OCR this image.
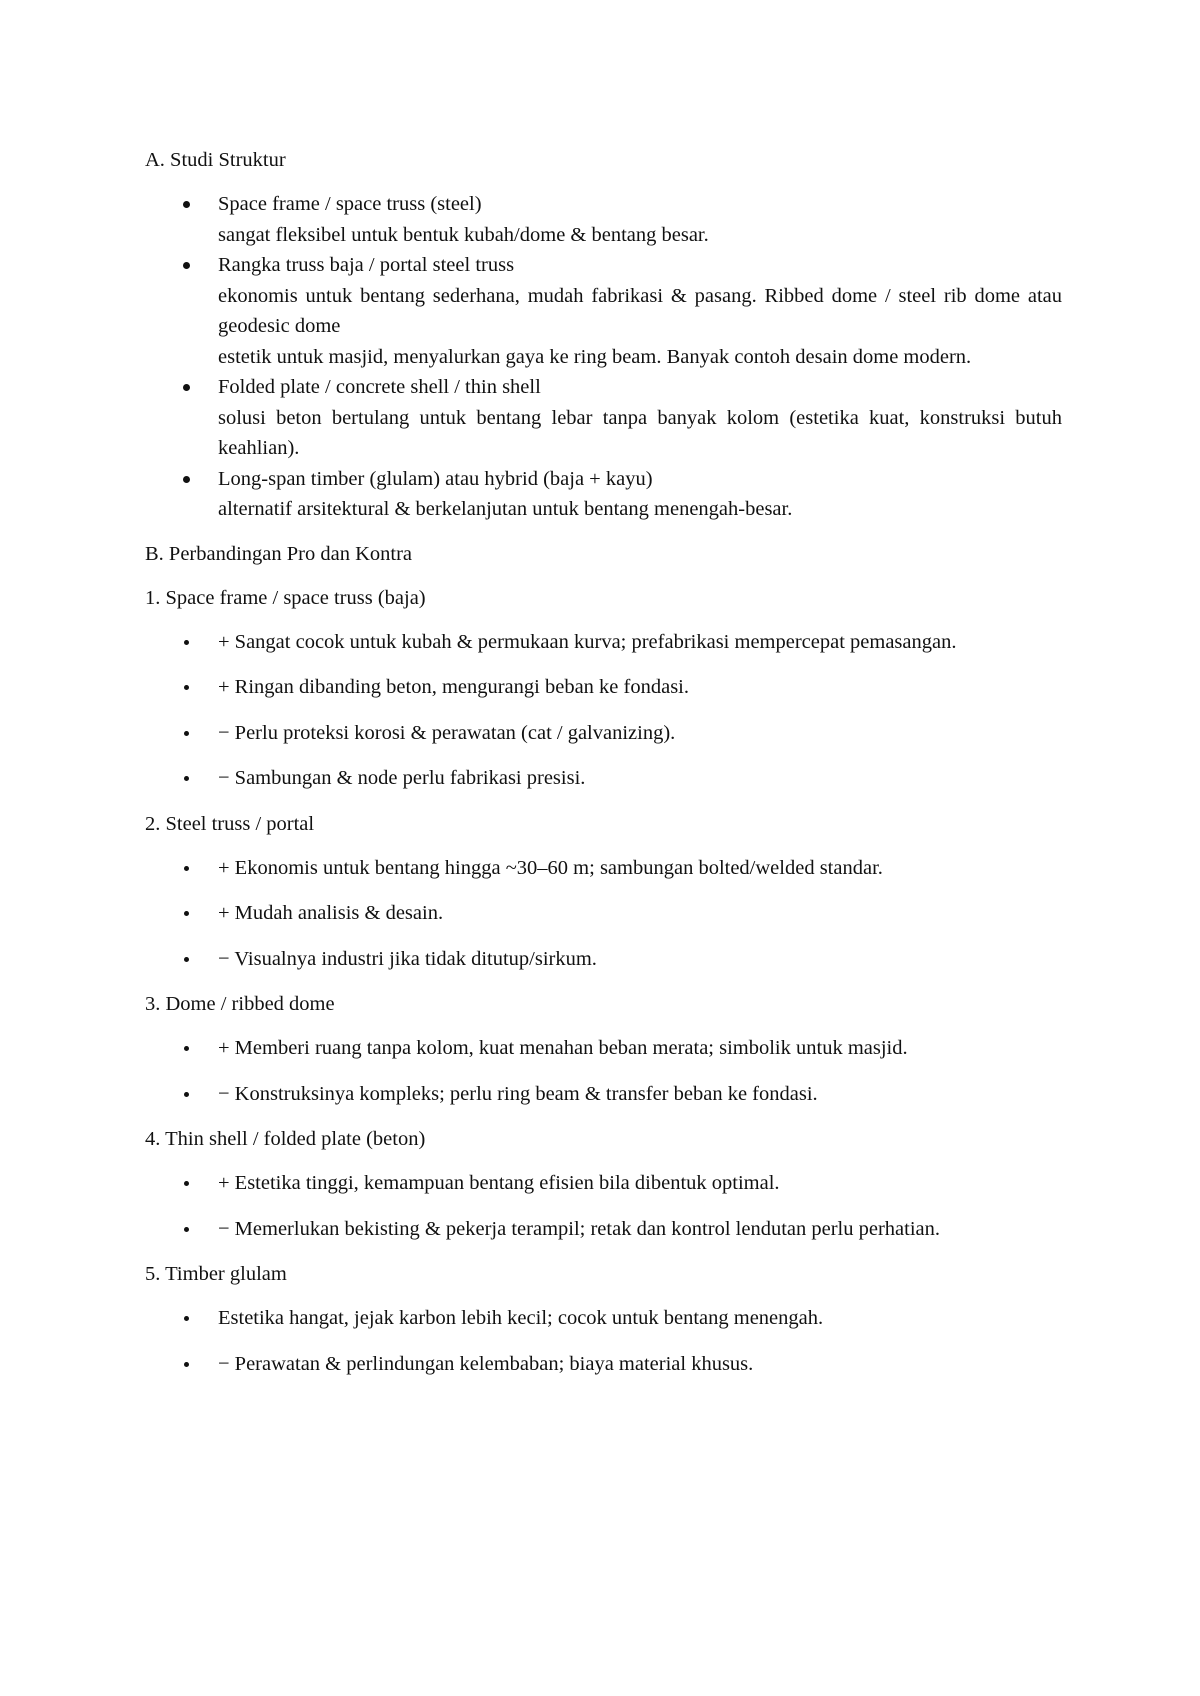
A. Studi Struktur

Space frame / space truss (steel)
sangat fleksibel untuk bentuk kubah/dome & bentang besar.
Rangka truss baja / portal steel truss
ekonomis untuk bentang sederhana, mudah fabrikasi & pasang. Ribbed dome / steel rib dome atau geodesic dome
estetik untuk masjid, menyalurkan gaya ke ring beam. Banyak contoh desain dome modern.
Folded plate / concrete shell / thin shell
solusi beton bertulang untuk bentang lebar tanpa banyak kolom (estetika kuat, konstruksi butuh keahlian).
Long-span timber (glulam) atau hybrid (baja + kayu)
alternatif arsitektural & berkelanjutan untuk bentang menengah-besar.

B. Perbandingan Pro dan Kontra

1. Space frame / space truss (baja)

+ Sangat cocok untuk kubah & permukaan kurva; prefabrikasi mempercepat pemasangan.
+ Ringan dibanding beton, mengurangi beban ke fondasi.
− Perlu proteksi korosi & perawatan (cat / galvanizing).
− Sambungan & node perlu fabrikasi presisi.

2. Steel truss / portal

+ Ekonomis untuk bentang hingga ~30–60 m; sambungan bolted/welded standar.
+ Mudah analisis & desain.
− Visualnya industri jika tidak ditutup/sirkum.

3. Dome / ribbed dome

+ Memberi ruang tanpa kolom, kuat menahan beban merata; simbolik untuk masjid.
− Konstruksinya kompleks; perlu ring beam & transfer beban ke fondasi.

4. Thin shell / folded plate (beton)

+ Estetika tinggi, kemampuan bentang efisien bila dibentuk optimal.
− Memerlukan bekisting & pekerja terampil; retak dan kontrol lendutan perlu perhatian.

5. Timber glulam

Estetika hangat, jejak karbon lebih kecil; cocok untuk bentang menengah.
− Perawatan & perlindungan kelembaban; biaya material khusus.
